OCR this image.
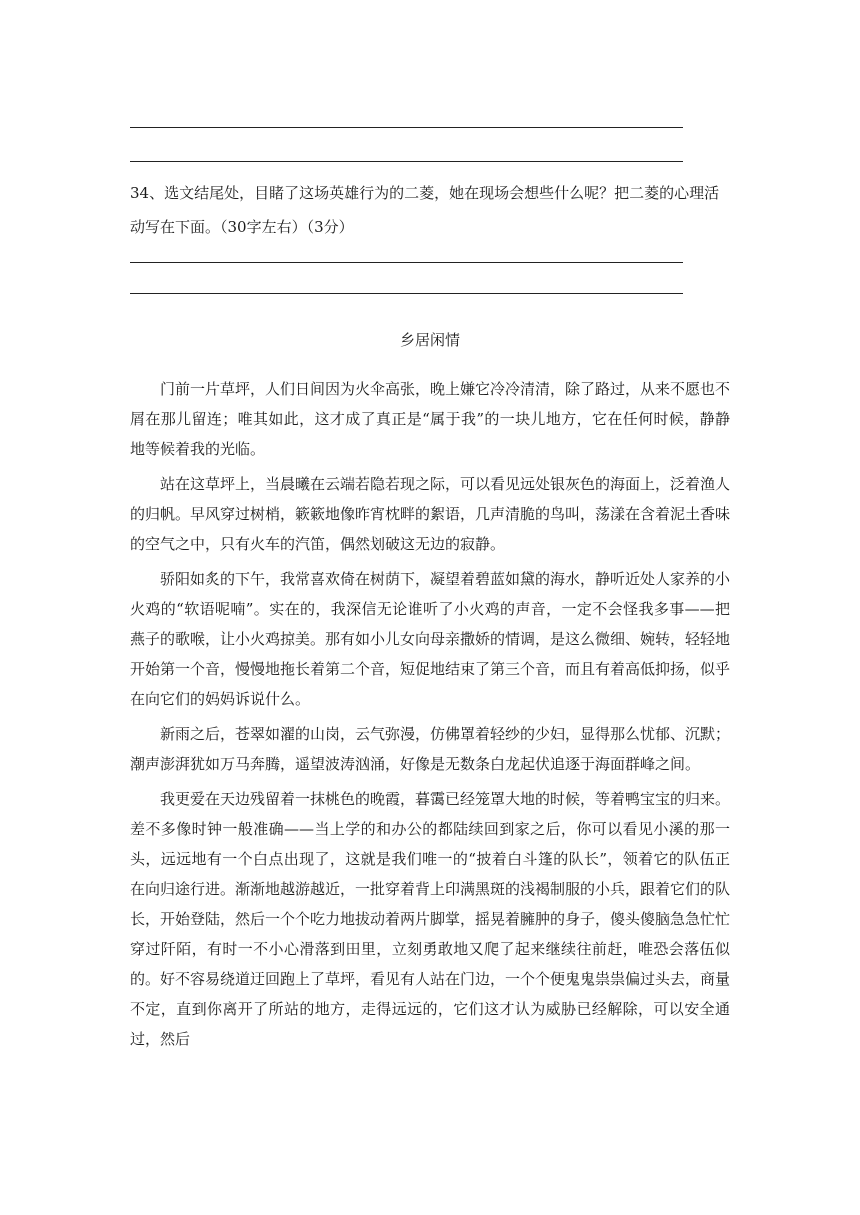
34、选文结尾处，目睹了这场英雄行为的二菱，她在现场会想些什么呢？把二菱的心理活动写在下面。（30字左右）（3分）

乡居闲情

门前一片草坪，人们日间因为火伞高张，晚上嫌它冷冷清清，除了路过，从来不愿也不屑在那儿留连；唯其如此，这才成了真正是“属于我”的一块儿地方，它在任何时候，静静地等候着我的光临。

站在这草坪上，当晨曦在云端若隐若现之际，可以看见远处银灰色的海面上，泛着渔人的归帆。早风穿过树梢，簌簌地像昨宵枕畔的絮语，几声清脆的鸟叫，荡漾在含着泥土香味的空气之中，只有火车的汽笛，偶然划破这无边的寂静。

骄阳如炙的下午，我常喜欢倚在树荫下，凝望着碧蓝如黛的海水，静听近处人家养的小火鸡的“软语呢喃”。实在的，我深信无论谁听了小火鸡的声音，一定不会怪我多事——把燕子的歌喉，让小火鸡掠美。那有如小儿女向母亲撒娇的情调，是这么微细、婉转，轻轻地开始第一个音，慢慢地拖长着第二个音，短促地结束了第三个音，而且有着高低抑扬，似乎在向它们的妈妈诉说什么。

新雨之后，苍翠如濯的山岗，云气弥漫，仿佛罩着轻纱的少妇，显得那么忧郁、沉默；潮声澎湃犹如万马奔腾，遥望波涛汹涌，好像是无数条白龙起伏追逐于海面群峰之间。

我更爱在天边残留着一抹桃色的晚霞，暮霭已经笼罩大地的时候，等着鸭宝宝的归来。差不多像时钟一般准确——当上学的和办公的都陆续回到家之后，你可以看见小溪的那一头，远远地有一个白点出现了，这就是我们唯一的“披着白斗篷的队长”，领着它的队伍正在向归途行进。渐渐地越游越近，一批穿着背上印满黑斑的浅褐制服的小兵，跟着它们的队长，开始登陆，然后一个个吃力地拔动着两片脚掌，摇晃着臃肿的身子，傻头傻脑急急忙忙穿过阡陌，有时一不小心滑落到田里，立刻勇敢地又爬了起来继续往前赶，唯恐会落伍似的。好不容易绕道迂回跑上了草坪，看见有人站在门边，一个个便鬼鬼祟祟偏过头去，商量不定，直到你离开了所站的地方，走得远远的，它们这才认为威胁已经解除，可以安全通过，然后
